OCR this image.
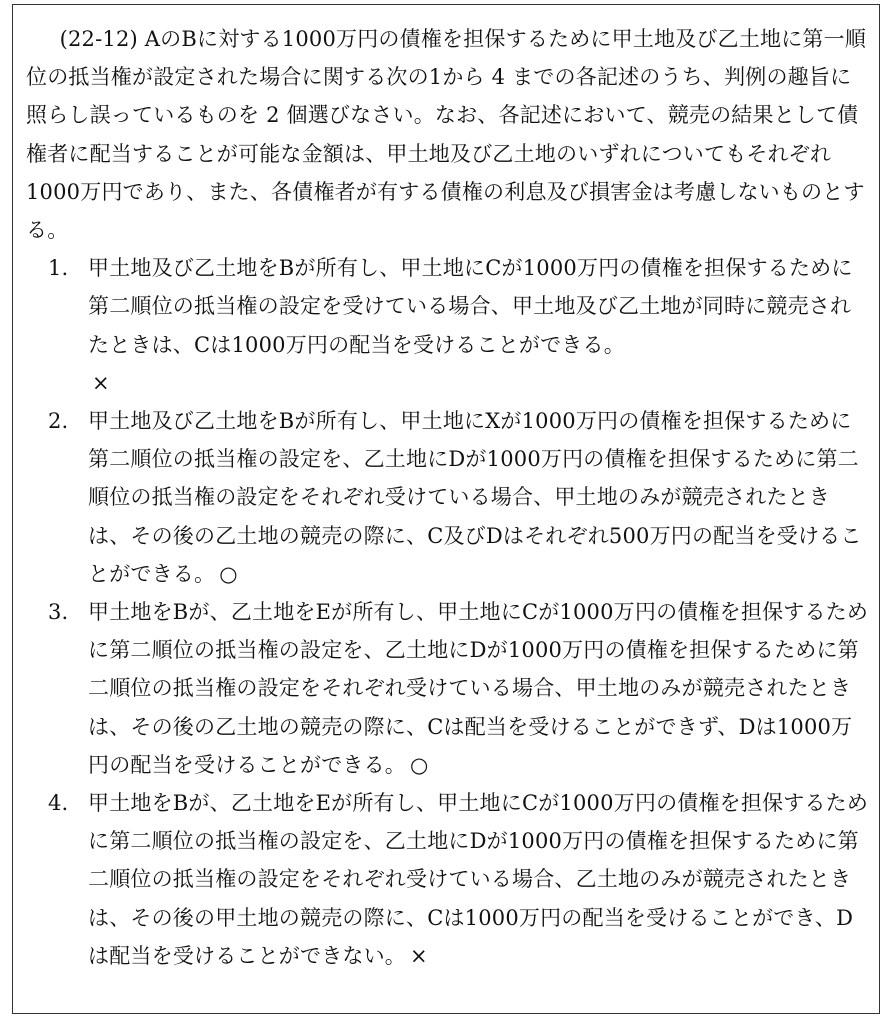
(22-12) AのBに対する1000万円の債権を担保するために甲土地及び乙土地に第一順位の抵当権が設定された場合に関する次の1から 4 までの各記述のうち、判例の趣旨に照らし誤っているものを 2 個選びなさい。なお、各記述において、競売の結果として債権者に配当することが可能な金額は、甲土地及び乙土地のいずれについてもそれぞれ1000万円であり、また、各債権者が有する債権の利息及び損害金は考慮しないものとする。

1. 甲土地及び乙土地をBが所有し、甲土地にCが1000万円の債権を担保するために第二順位の抵当権の設定を受けている場合、甲土地及び乙土地が同時に競売されたときは、Cは1000万円の配当を受けることができる。
×
2. 甲土地及び乙土地をBが所有し、甲土地にXが1000万円の債権を担保するために第二順位の抵当権の設定を、乙土地にDが1000万円の債権を担保するために第二順位の抵当権の設定をそれぞれ受けている場合、甲土地のみが競売されたときは、その後の乙土地の競売の際に、C及びDはそれぞれ500万円の配当を受けることができる。 ○
3. 甲土地をBが、乙土地をEが所有し、甲土地にCが1000万円の債権を担保するために第二順位の抵当権の設定を、乙土地にDが1000万円の債権を担保するために第二順位の抵当権の設定をそれぞれ受けている場合、甲土地のみが競売されたときは、その後の乙土地の競売の際に、Cは配当を受けることができず、Dは1000万円の配当を受けることができる。 ○
4. 甲土地をBが、乙土地をEが所有し、甲土地にCが1000万円の債権を担保するために第二順位の抵当権の設定を、乙土地にDが1000万円の債権を担保するために第二順位の抵当権の設定をそれぞれ受けている場合、乙土地のみが競売されたときは、その後の甲土地の競売の際に、Cは1000万円の配当を受けることができ、Dは配当を受けることができない。 ×
